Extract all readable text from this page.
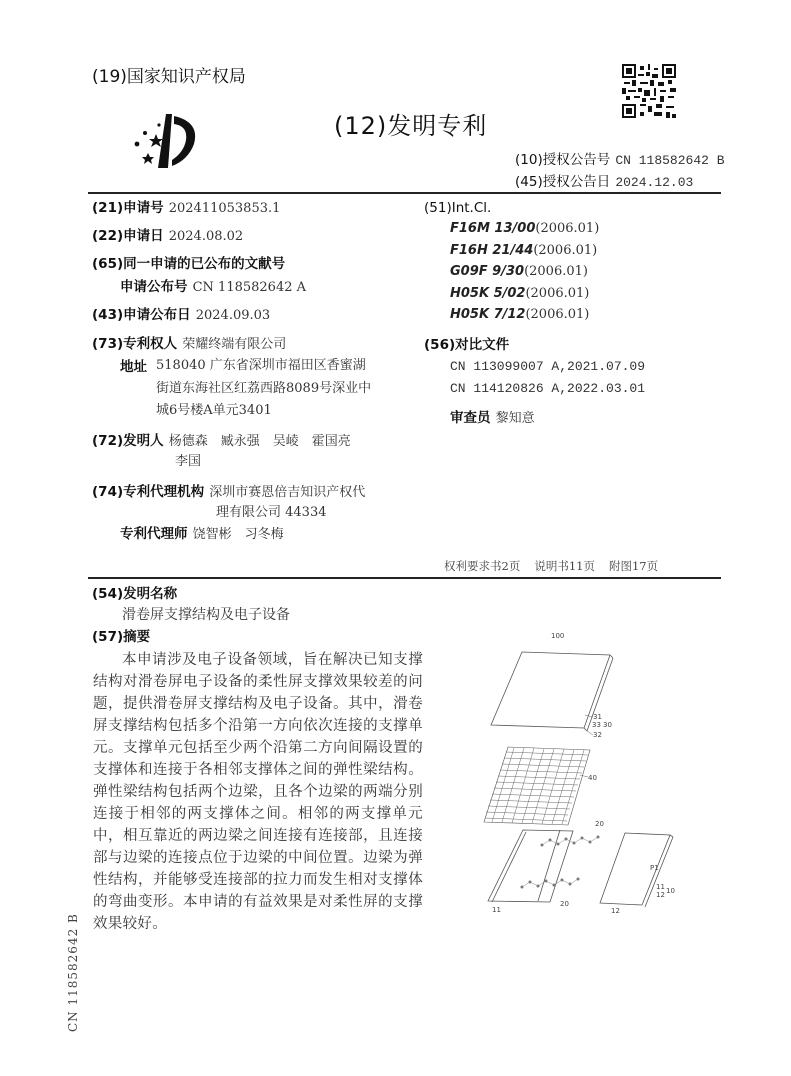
(19)国家知识产权局
(12)发明专利
(10)授权公告号 CN 118582642 B
(45)授权公告日 2024.12.03
(21)申请号 202411053853.1
(22)申请日 2024.08.02
(65)同一申请的已公布的文献号
申请公布号 CN 118582642 A
(43)申请公布日 2024.09.03
(73)专利权人 荣耀终端有限公司
地址 518040 广东省深圳市福田区香蜜湖
街道东海社区红荔西路8089号深业中
城6号楼A单元3401
(72)发明人 杨德森　臧永强　吴崚　霍国亮
李国
(74)专利代理机构 深圳市赛恩倍吉知识产权代
理有限公司 44334
专利代理师 饶智彬　习冬梅
(51)Int.Cl.
F16M 13/00(2006.01)
F16H 21/44(2006.01)
G09F 9/30(2006.01)
H05K 5/02(2006.01)
H05K 7/12(2006.01)
(56)对比文件
CN 113099007 A,2021.07.09
CN 114120826 A,2022.03.01
审查员 黎知意
权利要求书2页 说明书11页 附图17页
(54)发明名称
滑卷屏支撑结构及电子设备
(57)摘要
本申请涉及电子设备领域，旨在解决已知支撑结构对滑卷屏电子设备的柔性屏支撑效果较差的问题，提供滑卷屏支撑结构及电子设备。其中，滑卷屏支撑结构包括多个沿第一方向依次连接的支撑单元。支撑单元包括至少两个沿第二方向间隔设置的支撑体和连接于各相邻支撑体之间的弹性梁结构。弹性梁结构包括两个边梁，且各个边梁的两端分别连接于相邻的两支撑体之间。相邻的两支撑单元中，相互靠近的两边梁之间连接有连接部，且连接部与边梁的连接点位于边梁的中间位置。边梁为弹性结构，并能够受连接部的拉力而发生相对支撑体的弯曲变形。本申请的有益效果是对柔性屏的支撑效果较好。
100
31
33 30
32
40
20
20
11	12
P1
11
12 10
CN 118582642 B
